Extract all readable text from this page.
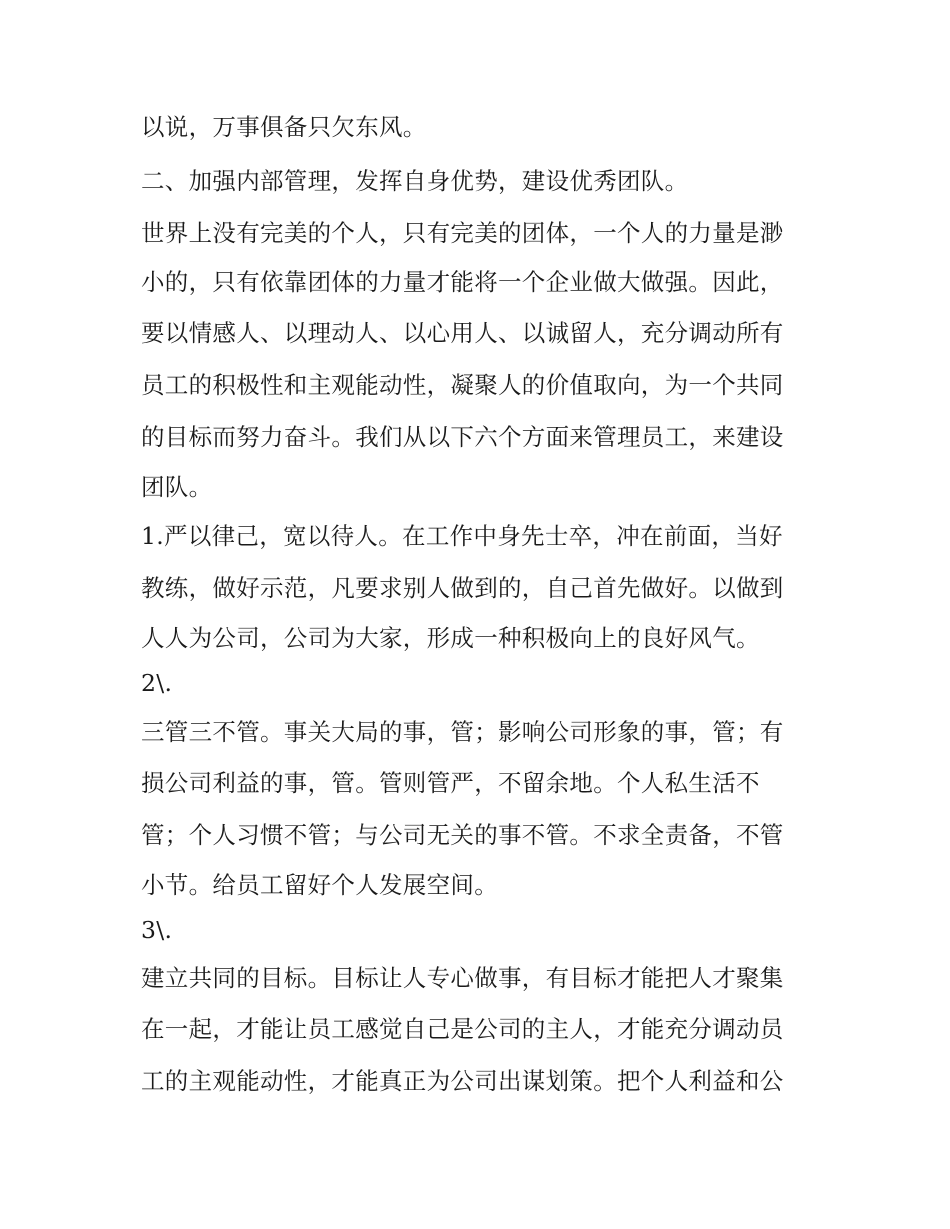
以说，万事俱备只欠东风。
二、加强内部管理，发挥自身优势，建设优秀团队。
世界上没有完美的个人，只有完美的团体，一个人的力量是渺
小的，只有依靠团体的力量才能将一个企业做大做强。因此，
要以情感人、以理动人、以心用人、以诚留人，充分调动所有
员工的积极性和主观能动性，凝聚人的价值取向，为一个共同
的目标而努力奋斗。我们从以下六个方面来管理员工，来建设
团队。
1.严以律己，宽以待人。在工作中身先士卒，冲在前面，当好
教练，做好示范，凡要求别人做到的，自己首先做好。以做到
人人为公司，公司为大家，形成一种积极向上的良好风气。
2\.
三管三不管。事关大局的事，管；影响公司形象的事，管；有
损公司利益的事，管。管则管严，不留余地。个人私生活不
管；个人习惯不管；与公司无关的事不管。不求全责备，不管
小节。给员工留好个人发展空间。
3\.
建立共同的目标。目标让人专心做事，有目标才能把人才聚集
在一起，才能让员工感觉自己是公司的主人，才能充分调动员
工的主观能动性，才能真正为公司出谋划策。把个人利益和公
